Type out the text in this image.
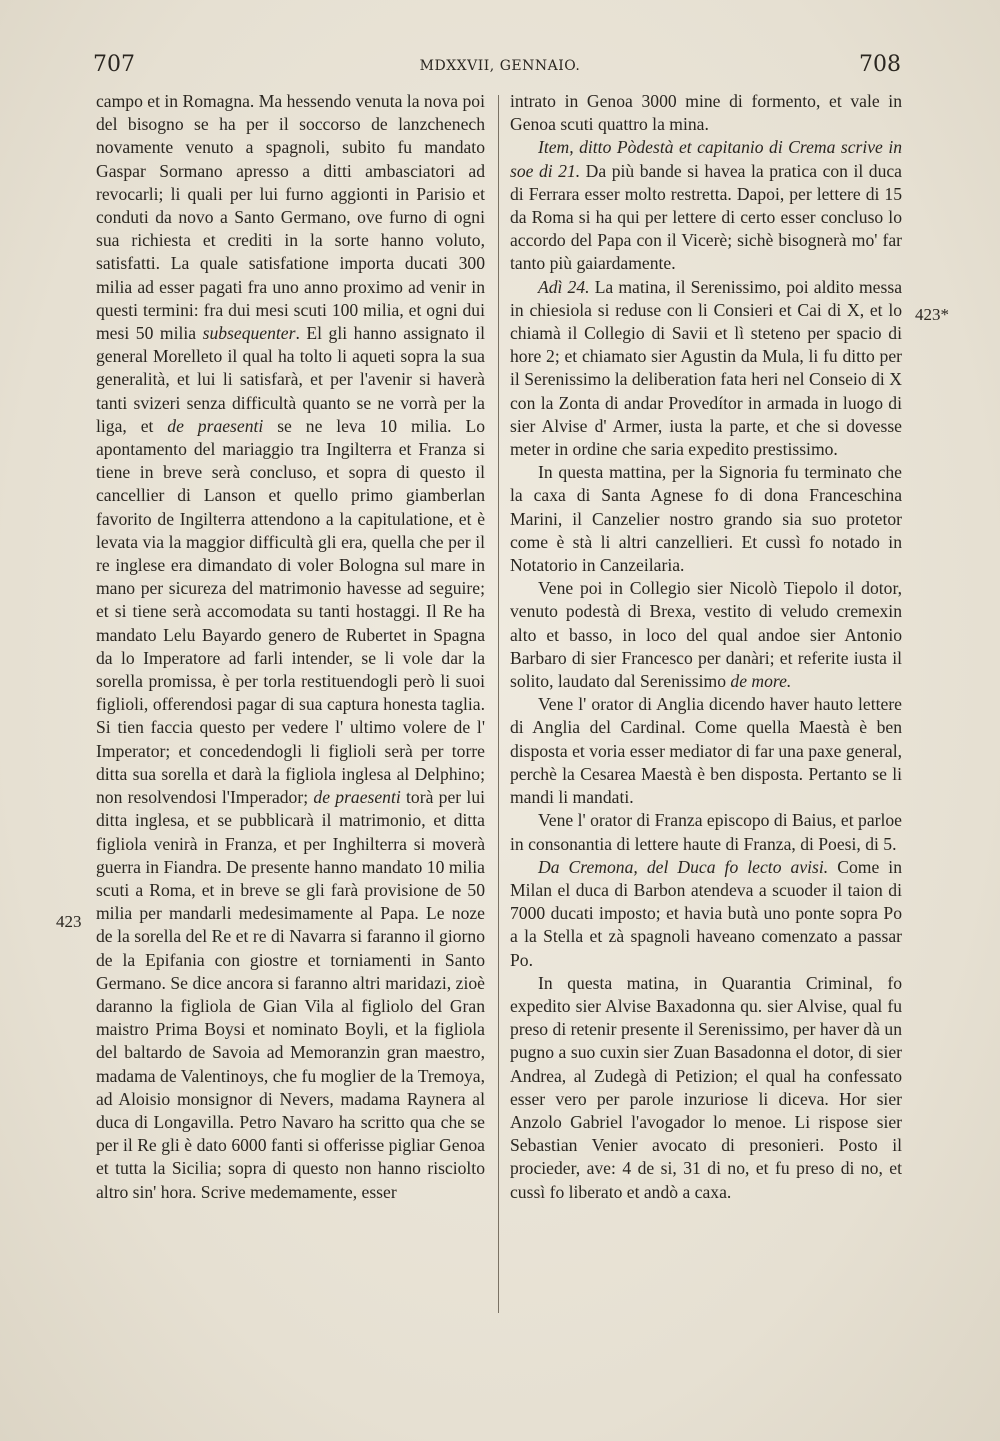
707	MDXXVII, GENNAIO.	708

campo et in Romagna. Ma hessendo venuta la nova poi del bisogno se ha per il soccorso de lanzchenech novamente venuto a spagnoli, subito fu mandato Gaspar Sormano apresso a ditti ambasciatori ad revocarli; li quali per lui furno aggionti in Parisio et conduti da novo a Santo Germano, ove furno di ogni sua richiesta et crediti in la sorte hanno voluto, satisfatti. La quale satisfatione importa ducati 300 milia ad esser pagati fra uno anno proximo ad venir in questi termini: fra dui mesi scuti 100 milia, et ogni dui mesi 50 milia subsequenter. El gli hanno assignato il general Morelleto il qual ha tolto li aqueti sopra la sua generalità, et lui li satisfarà, et per l'avenir si haverà tanti svizeri senza difficultà quanto se ne vorrà per la liga, et de praesenti se ne leva 10 milia. Lo apontamento del mariaggio tra Ingilterra et Franza si tiene in breve serà concluso, et sopra di questo il cancellier di Lanson et quello primo giamberlan favorito de Ingilterra attendono a la capitulatione, et è levata via la maggior difficultà gli era, quella che per il re inglese era dimandato di voler Bologna sul mare in mano per sicureza del matrimonio havesse ad seguire; et si tiene serà accomodata su tanti hostaggi. Il Re ha mandato Lelu Bayardo genero de Rubertet in Spagna da lo Imperatore ad farli intender, se li vole dar la sorella promissa, è per torla restituendogli però li suoi figlioli, offerendosi pagar di sua captura honesta taglia. Si tien faccia questo per vedere l' ultimo volere de l' Imperator; et concedendogli li figlioli serà per torre ditta sua sorella et darà la figliola inglesa al Delphino; non resolvendosi l'Imperador; de praesenti torà per lui ditta inglesa, et se pubblicarà il matrimonio, et ditta figliola venirà in Franza, et per Inghilterra si moverà guerra in Fiandra. De presente hanno mandato 10 milia scuti a Roma, et in breve se gli farà provisione de 50 milia per mandarli medesimamente al Papa. Le noze de la sorella del Re et re di Navarra si faranno il giorno de la Epifania con giostre et torniamenti in Santo Germano. Se dice ancora si faranno altri maridazi, zioè daranno la figliola de Gian Vila al figliolo del Gran maistro Prima Boysi et nominato Boyli, et la figliola del baltardo de Savoia ad Memoranzin gran maestro, madama de Valentinoys, che fu moglier de la Tremoya, ad Aloisio monsignor di Nevers, madama Raynera al duca di Longavilla. Petro Navaro ha scritto qua che se per il Re gli è dato 6000 fanti si offerisse pigliar Genoa et tutta la Sicilia; sopra di questo non hanno risciolto altro sin' hora. Scrive medemamente, esser

intrato in Genoa 3000 mine di formento, et vale in Genoa scuti quattro la mina.

Item, ditto Pòdestà et capitanio di Crema scrive in soe di 21. Da più bande si havea la pratica con il duca di Ferrara esser molto restretta. Dapoi, per lettere di 15 da Roma si ha qui per lettere di certo esser concluso lo accordo del Papa con il Vicerè; sichè bisognerà mo' far tanto più gaiardamente.

Adì 24. La matina, il Serenissimo, poi aldito messa in chiesiola si reduse con li Consieri et Cai di X, et lo chiamà il Collegio di Savii et lì steteno per spacio di hore 2; et chiamato sier Agustin da Mula, li fu ditto per il Serenissimo la deliberation fata heri nel Conseio di X con la Zonta di andar Provedítor in armada in luogo di sier Alvise d' Armer, iusta la parte, et che si dovesse meter in ordine che saria expedito prestissimo.

In questa mattina, per la Signoria fu terminato che la caxa di Santa Agnese fo di dona Franceschina Marini, il Canzelier nostro grando sia suo protetor come è stà li altri canzellieri. Et cussì fo notado in Notatorio in Canzeilaria.

Vene poi in Collegio sier Nicolò Tiepolo il dotor, venuto podestà di Brexa, vestito di veludo cremexin alto et basso, in loco del qual andoe sier Antonio Barbaro di sier Francesco per danàri; et referite iusta il solito, laudato dal Serenissimo de more.

Vene l' orator di Anglia dicendo haver hauto lettere di Anglia del Cardinal. Come quella Maestà è ben disposta et voria esser mediator di far una paxe general, perchè la Cesarea Maestà è ben disposta. Pertanto se li mandi li mandati.

Vene l' orator di Franza episcopo di Baius, et parloe in consonantia di lettere haute di Franza, di Poesi, di 5.

Da Cremona, del Duca fo lecto avisi. Come in Milan el duca di Barbon atendeva a scuoder il taion di 7000 ducati imposto; et havia butà uno ponte sopra Po a la Stella et zà spagnoli haveano comenzato a passar Po.

In questa matina, in Quarantia Criminal, fo expedito sier Alvise Baxadonna qu. sier Alvise, qual fu preso di retenir presente il Serenissimo, per haver dà un pugno a suo cuxin sier Zuan Basadonna el dotor, di sier Andrea, al Zudegà di Petizion; el qual ha confessato esser vero per parole inzuriose li diceva. Hor sier Anzolo Gabriel l'avogador lo menoe. Li rispose sier Sebastian Venier avocato di presonieri. Posto il procieder, ave: 4 de si, 31 di no, et fu preso di no, et cussì fo liberato et andò a caxa.

423*
423
